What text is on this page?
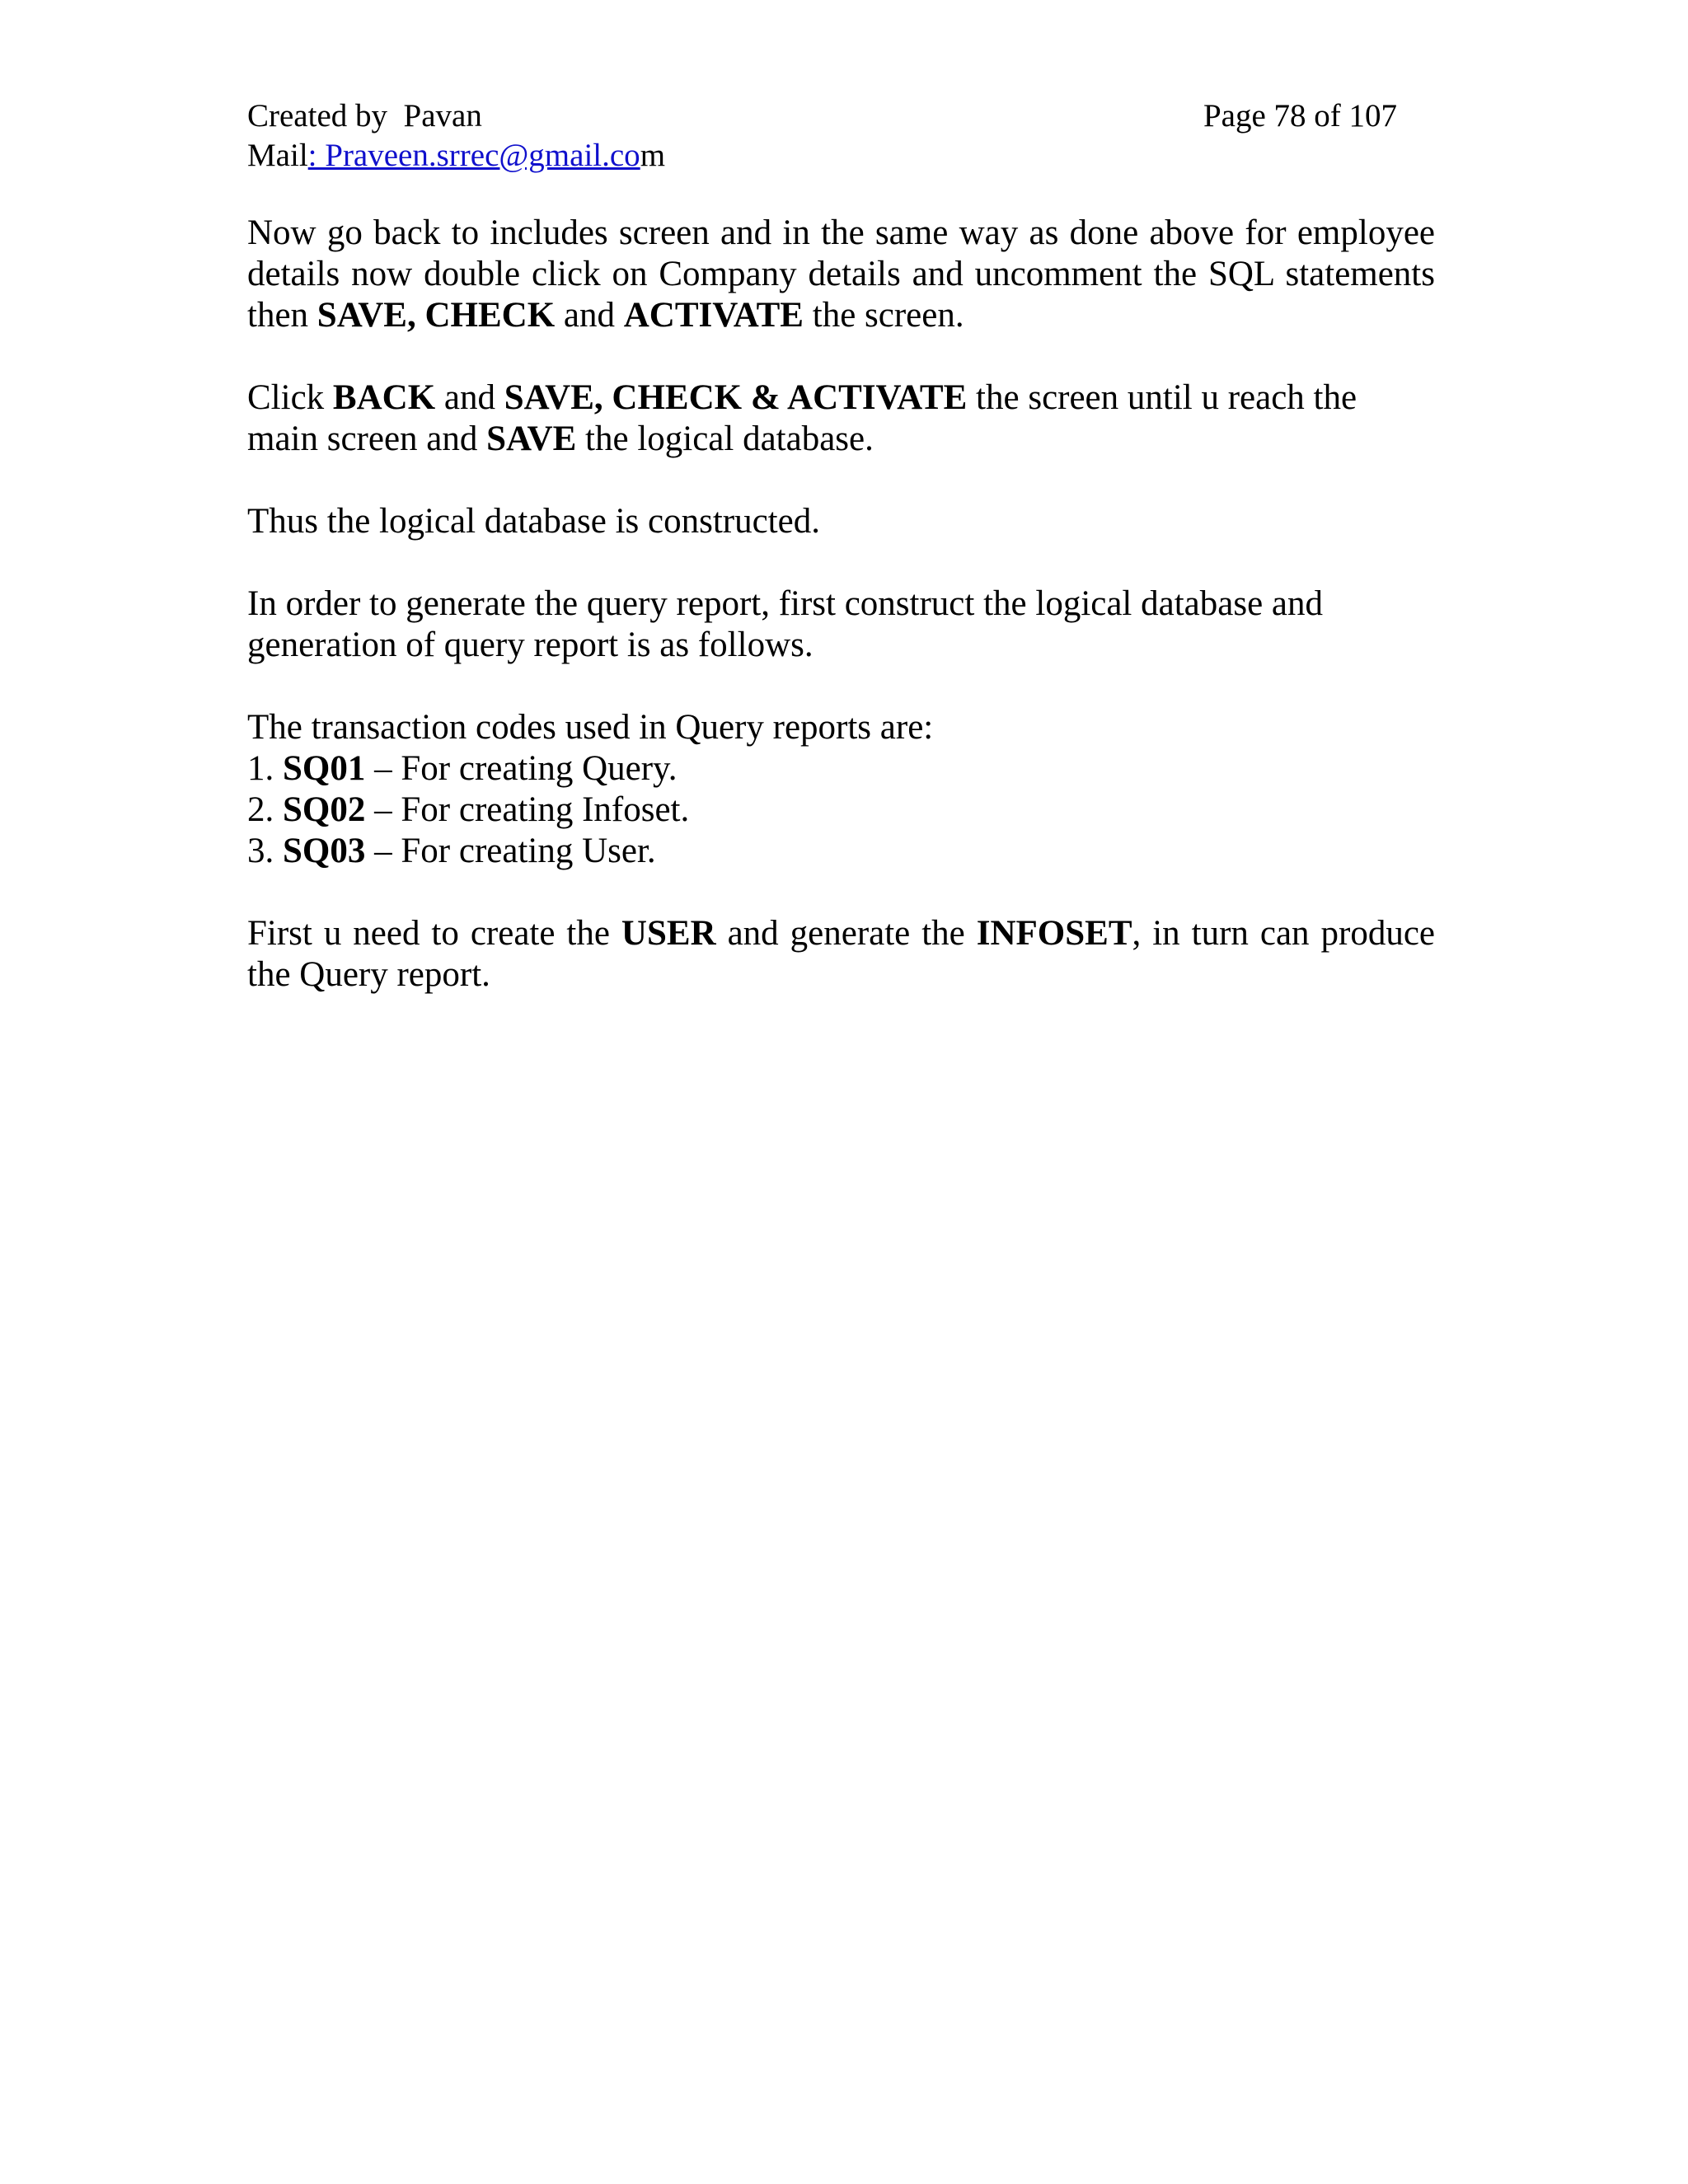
Created by  Pavan	Page 78 of 107
Mail: Praveen.srrec@gmail.com

Now go back to includes screen and in the same way as done above for employee details now double click on Company details and uncomment the SQL statements then SAVE, CHECK and ACTIVATE the screen.

Click BACK and SAVE, CHECK & ACTIVATE the screen until u reach the main screen and SAVE the logical database.

Thus the logical database is constructed.

In order to generate the query report, first construct the logical database and generation of query report is as follows.

The transaction codes used in Query reports are:

1. SQ01 – For creating Query.

2. SQ02 – For creating Infoset.

3. SQ03 – For creating User.

First u need to create the USER and generate the INFOSET, in turn can produce the Query report.
